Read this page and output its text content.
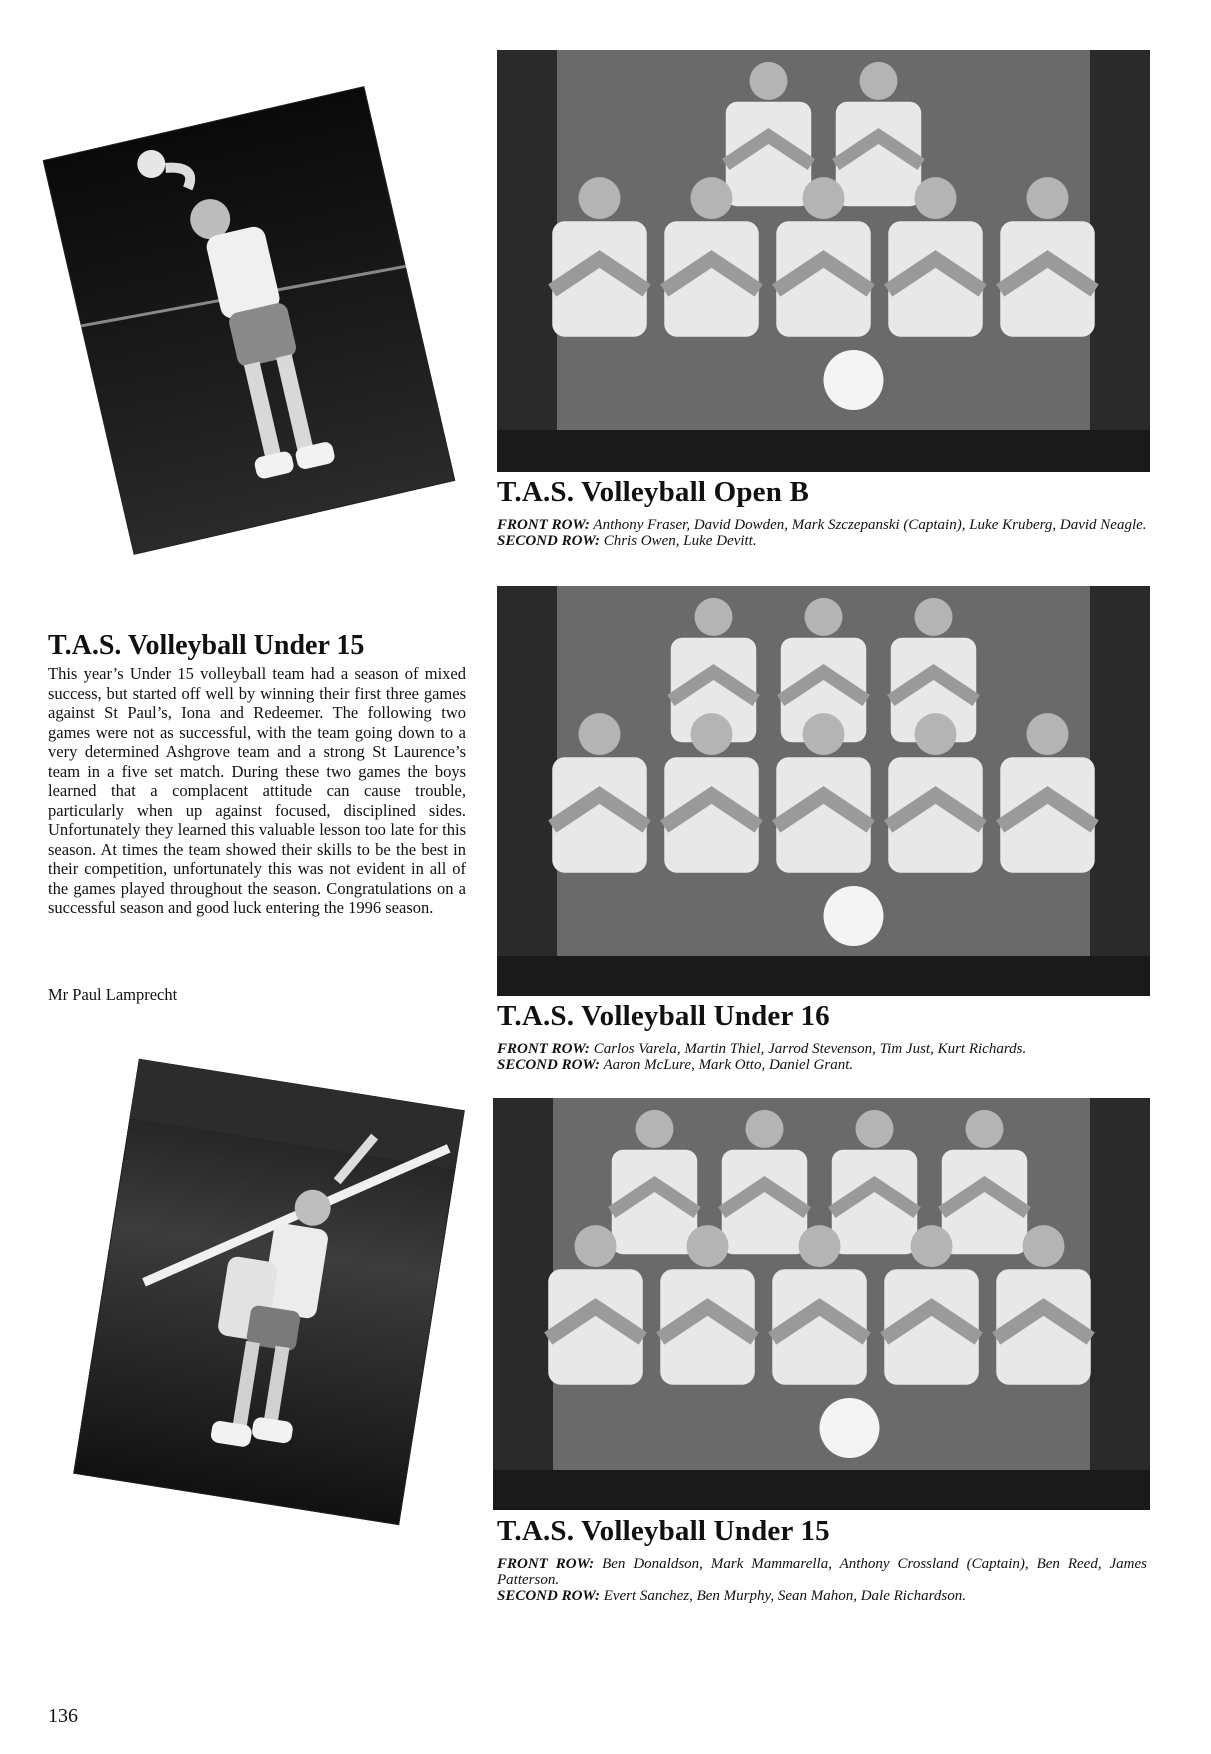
T.A.S. Volleyball Open B
FRONT ROW: Anthony Fraser, David Dowden, Mark Szczepanski (Captain), Luke Kruberg, David Neagle.
SECOND ROW: Chris Owen, Luke Devitt.
T.A.S. Volleyball Under 16
FRONT ROW: Carlos Varela, Martin Thiel, Jarrod Stevenson, Tim Just, Kurt Richards.
SECOND ROW: Aaron McLure, Mark Otto, Daniel Grant.
T.A.S. Volleyball Under 15
FRONT ROW: Ben Donaldson, Mark Mammarella, Anthony Crossland (Captain), Ben Reed, James Patterson.
SECOND ROW: Evert Sanchez, Ben Murphy, Sean Mahon, Dale Richardson.
T.A.S. Volleyball Under 15
This year’s Under 15 volleyball team had a season of mixed success, but started off well by winning their first three games against St Paul’s, Iona and Redeemer. The following two games were not as successful, with the team going down to a very determined Ashgrove team and a strong St Laurence’s team in a five set match. During these two games the boys learned that a complacent attitude can cause trouble, particularly when up against focused, disciplined sides. Unfortunately they learned this valuable lesson too late for this season. At times the team showed their skills to be the best in their competition, unfortunately this was not evident in all of the games played throughout the season. Congratulations on a successful season and good luck entering the 1996 season.
Mr Paul Lamprecht
136
